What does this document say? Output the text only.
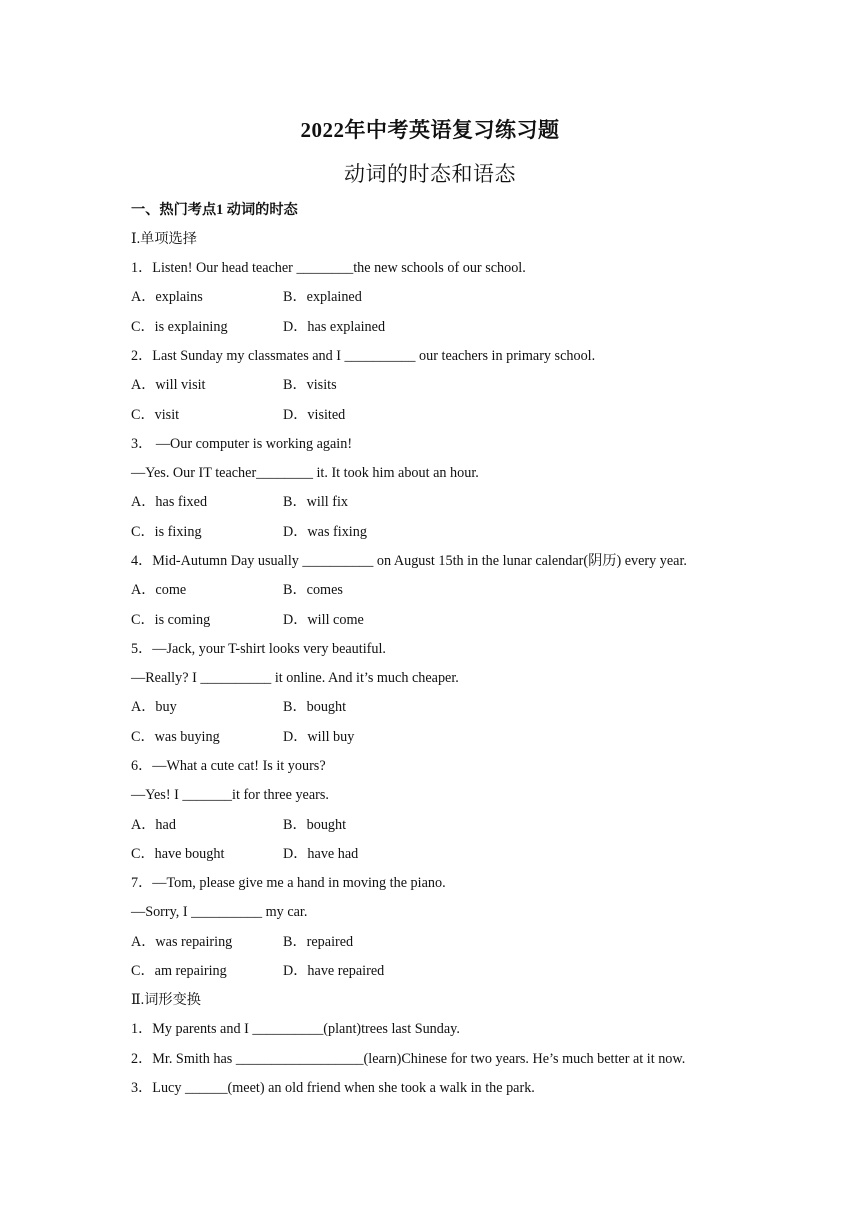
2022年中考英语复习练习题
动词的时态和语态
一、热门考点1 动词的时态
Ⅰ.单项选择
1．Listen! Our head teacher ________the new schools of our school.
A．explains	B．explained
C．is explaining	D．has explained
2．Last Sunday my classmates and I __________ our teachers in primary school.
A．will visit	B．visits
C．visit	D．visited
3． —Our computer is working again!
—Yes. Our IT teacher________ it. It took him about an hour.
A．has fixed	B．will fix
C．is fixing	D．was fixing
4．Mid-Autumn Day usually __________ on August 15th in the lunar calendar(阴历) every year.
A．come	B．comes
C．is coming	D．will come
5．—Jack, your T-shirt looks very beautiful.
—Really? I __________ it online. And it’s much cheaper.
A．buy	B．bought
C．was buying	D．will buy
6．—What a cute cat! Is it yours?
—Yes! I _______it for three years.
A．had	B．bought
C．have bought	D．have had
7．—Tom, please give me a hand in moving the piano.
—Sorry, I __________ my car.
A．was repairing	B．repaired
C．am repairing	D．have repaired
Ⅱ.词形变换
1．My parents and I __________(plant)trees last Sunday.
2．Mr. Smith has __________________(learn)Chinese for two years. He’s much better at it now.
3．Lucy ______(meet) an old friend when she took a walk in the park.
